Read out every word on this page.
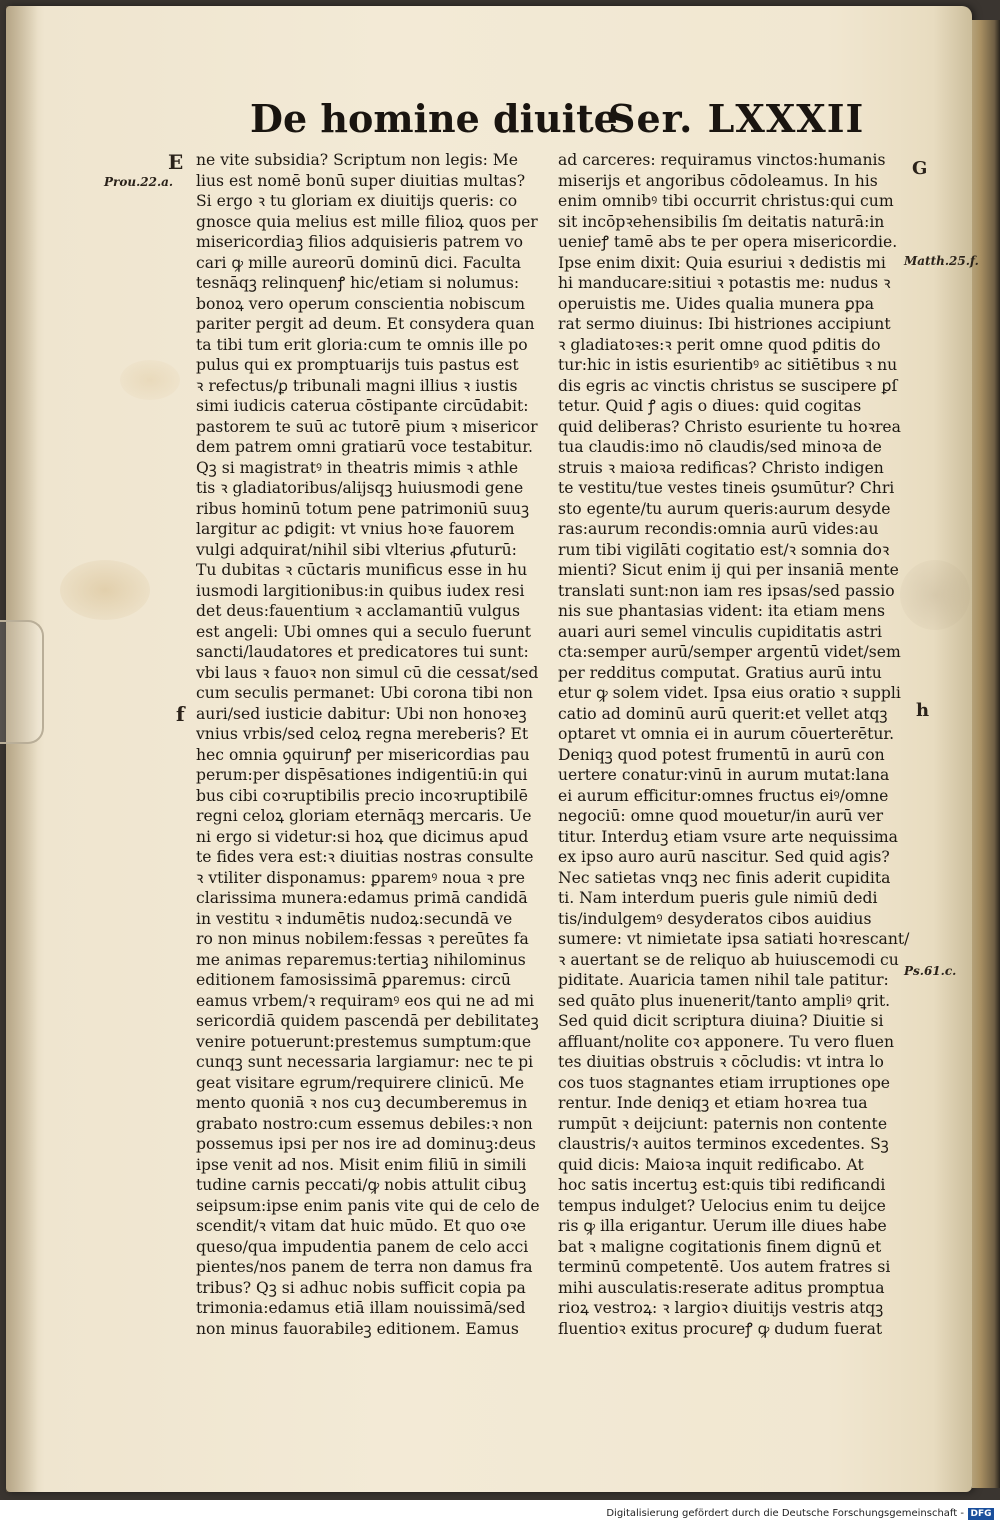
De homine diuite
Ser. LXXXII
E
Prou.22.a.
f
G
Matth.25.f.
h
Ps.61.c.
ne vite subsidia? Scriptum non legis: Me
lius est nomē bonū super diuitias multas?
Si ergo ꝛ tu gloriam ex diuitijs queris: co
gnosce quia melius est mille filioꝝ quos per
misericordiaꝫ filios adquisieris patrem vo
cari ꝙ mille aureorū dominū dici. Faculta
tesnāqꝫ relinquenꝭ hic/etiam si nolumus:
bonoꝝ vero operum conscientia nobiscum
pariter pergit ad deum. Et consydera quan
ta tibi tum erit gloria:cum te omnis ille po
pulus qui ex promptuarijs tuis pastus est
ꝛ refectus/ꝑ tribunali magni illius ꝛ iustis
simi iudicis caterua cōstipante circūdabit:
pastorem te suū ac tutorē pium ꝛ misericor
dem patrem omni gratiarū voce testabitur.
Qꝫ si magistratꝰ in theatris mimis ꝛ athle
tis ꝛ gladiatoribus/alijsqꝫ huiusmodi gene
ribus hominū totum pene patrimoniū suuꝫ
largitur ac ꝑdigit: vt vnius hoꝛe fauorem
vulgi adquirat/nihil sibi vlterius ꝓfuturū:
Tu dubitas ꝛ cūctaris munificus esse in hu
iusmodi largitionibus:in quibus iudex resi
det deus:fauentium ꝛ acclamantiū vulgus
est angeli: Ubi omnes qui a seculo fuerunt
sancti/laudatores et predicatores tui sunt:
vbi laus ꝛ fauoꝛ non simul cū die cessat/sed
cum seculis permanet: Ubi corona tibi non
auri/sed iusticie dabitur: Ubi non honoꝛeꝫ
vnius vrbis/sed celoꝝ regna mereberis? Et
hec omnia ꝯquirunꝭ per misericordias pau
perum:per dispēsationes indigentiū:in qui
bus cibi coꝛruptibilis precio incoꝛruptibilē
regni celoꝝ gloriam eternāqꝫ mercaris. Ue
ni ergo si videtur:si hoꝝ que dicimus apud
te fides vera est:ꝛ diuitias nostras consulte
ꝛ vtiliter disponamus: ꝑparemꝰ noua ꝛ pre
clarissima munera:edamus primā candidā
in vestitu ꝛ indumētis nudoꝝ:secundā ve
ro non minus nobilem:fessas ꝛ pereūtes fa
me animas reparemus:tertiaꝫ nihilominus
editionem famosissimā ꝑparemus: circū
eamus vrbem/ꝛ requiramꝰ eos qui ne ad mi
sericordiā quidem pascendā per debilitateꝫ
venire potuerunt:prestemus sumptum:que
cunqꝫ sunt necessaria largiamur: nec te pi
geat visitare egrum/requirere clinicū. Me
mento quoniā ꝛ nos cuꝫ decumberemus in
grabato nostro:cum essemus debiles:ꝛ non
possemus ipsi per nos ire ad dominuꝫ:deus
ipse venit ad nos. Misit enim filiū in simili
tudine carnis peccati/ꝙ nobis attulit cibuꝫ
seipsum:ipse enim panis vite qui de celo de
scendit/ꝛ vitam dat huic mūdo. Et quo oꝛe
queso/qua impudentia panem de celo acci
pientes/nos panem de terra non damus fra
tribus? Qꝫ si adhuc nobis sufficit copia pa
trimonia:edamus etiā illam nouissimā/sed
non minus fauorabileꝫ editionem. Eamus
ad carceres: requiramus vinctos:humanis
miserijs et angoribus cōdoleamus. In his
enim omnibꝰ tibi occurrit christus:qui cum
sit incōpꝛehensibilis ſm deitatis naturā:in
uenieꝭ tamē abs te per opera misericordie.
Ipse enim dixit: Quia esuriui ꝛ dedistis mi
hi manducare:sitiui ꝛ potastis me: nudus ꝛ
operuistis me. Uides qualia munera ꝑpa
rat sermo diuinus: Ibi histriones accipiunt
ꝛ gladiatoꝛes:ꝛ perit omne quod ꝑditis do
tur:hic in istis esurientibꝰ ac sitiētibus ꝛ nu
dis egris ac vinctis christus se suscipere ꝑſ
tetur. Quid ꝭ agis o diues: quid cogitas
quid deliberas? Christo esuriente tu hoꝛrea
tua claudis:imo nō claudis/sed minoꝛa de
struis ꝛ maioꝛa redificas? Christo indigen
te vestitu/tue vestes tineis ꝯsumūtur? Chri
sto egente/tu aurum queris:aurum desyde
ras:aurum recondis:omnia aurū vides:au
rum tibi vigilāti cogitatio est/ꝛ somnia doꝛ
mienti? Sicut enim ij qui per insaniā mente
translati sunt:non iam res ipsas/sed passio
nis sue phantasias vident: ita etiam mens
auari auri semel vinculis cupiditatis astri
cta:semper aurū/semper argentū videt/sem
per redditus computat. Gratius aurū intu
etur ꝙ solem videt. Ipsa eius oratio ꝛ suppli
catio ad dominū aurū querit:et vellet atqꝫ
optaret vt omnia ei in aurum cōuerterētur.
Deniqꝫ quod potest frumentū in aurū con
uertere conatur:vinū in aurum mutat:lana
ei aurum efficitur:omnes fructus eiꝰ/omne
negociū: omne quod mouetur/in aurū ver
titur. Interduꝫ etiam vsure arte nequissima
ex ipso auro aurū nascitur. Sed quid agis?
Nec satietas vnqꝫ nec finis aderit cupidita
ti. Nam interdum pueris gule nimiū dedi
tis/indulgemꝰ desyderatos cibos auidius
sumere: vt nimietate ipsa satiati hoꝛrescant/
ꝛ auertant se de reliquo ab huiuscemodi cu
piditate. Auaricia tamen nihil tale patitur:
sed quāto plus inuenerit/tanto ampliꝰ ꝗrit.
Sed quid dicit scriptura diuina? Diuitie si
affluant/nolite coꝛ apponere. Tu vero fluen
tes diuitias obstruis ꝛ cōcludis: vt intra lo
cos tuos stagnantes etiam irruptiones ope
rentur. Inde deniqꝫ et etiam hoꝛrea tua
rumpūt ꝛ deijciunt: paternis non contente
claustris/ꝛ auitos terminos excedentes. Sꝫ
quid dicis: Maioꝛa inquit redificabo. At
hoc satis incertuꝫ est:quis tibi redificandi
tempus indulget? Uelocius enim tu deijce
ris ꝙ illa erigantur. Uerum ille diues habe
bat ꝛ maligne cogitationis finem dignū et
terminū competentē. Uos autem fratres si
mihi ausculatis:reserate aditus promptua
rioꝝ vestroꝝ: ꝛ largioꝛ diuitijs vestris atqꝫ
fluentioꝛ exitus procureꝭ ꝙ dudum fuerat
Digitalisierung gefördert durch die Deutsche Forschungsgemeinschaft - DFG
